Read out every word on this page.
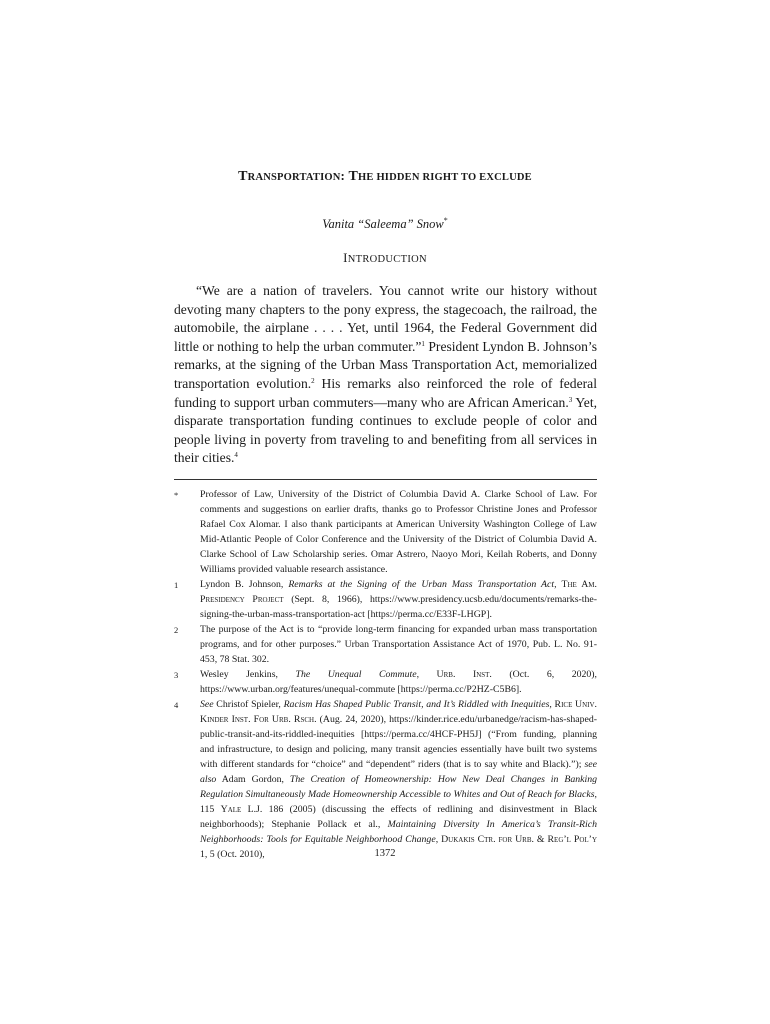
TRANSPORTATION: THE HIDDEN RIGHT TO EXCLUDE
Vanita “Saleema” Snow*
INTRODUCTION

“We are a nation of travelers. You cannot write our history without devoting many chapters to the pony express, the stagecoach, the railroad, the automobile, the airplane . . . . Yet, until 1964, the Federal Government did little or nothing to help the urban commuter.”$^1$ President Lyndon B. Johnson’s remarks, at the signing of the Urban Mass Transportation Act, memorialized transportation evolution.$^2$ His remarks also reinforced the role of federal funding to support urban commuters—many who are African American.$^3$ Yet, disparate transportation funding continues to exclude people of color and people living in poverty from traveling to and benefiting from all services in their cities.$^4$

*	Professor of Law, University of the District of Columbia David A. Clarke School of Law. For comments and suggestions on earlier drafts, thanks go to Professor Christine Jones and Professor Rafael Cox Alomar. I also thank participants at American University Washington College of Law Mid-Atlantic People of Color Conference and the University of the District of Columbia David A. Clarke School of Law Scholarship series. Omar Astrero, Naoyo Mori, Keilah Roberts, and Donny Williams provided valuable research assistance.
1	Lyndon B. Johnson, Remarks at the Signing of the Urban Mass Transportation Act, The Am. Presidency Project (Sept. 8, 1966), https://www.presidency.ucsb.edu/documents/remarks-the-signing-the-urban-mass-transportation-act [https://perma.cc/E33F-LHGP].
2	The purpose of the Act is to “provide long-term financing for expanded urban mass transportation programs, and for other purposes.” Urban Transportation Assistance Act of 1970, Pub. L. No. 91-453, 78 Stat. 302.
3	Wesley Jenkins, The Unequal Commute, Urb. Inst. (Oct. 6, 2020), https://www.urban.org/features/unequal-commute [https://perma.cc/P2HZ-C5B6].
4	See Christof Spieler, Racism Has Shaped Public Transit, and It’s Riddled with Inequities, Rice Univ. Kinder Inst. For Urb. Rsch. (Aug. 24, 2020), https://kinder.rice.edu/urbanedge/racism-has-shaped-public-transit-and-its-riddled-inequities [https://perma.cc/4HCF-PH5J] (“From funding, planning and infrastructure, to design and policing, many transit agencies essentially have built two systems with different standards for “choice” and “dependent” riders (that is to say white and Black).”); see also Adam Gordon, The Creation of Homeownership: How New Deal Changes in Banking Regulation Simultaneously Made Homeownership Accessible to Whites and Out of Reach for Blacks, 115 Yale L.J. 186 (2005) (discussing the effects of redlining and disinvestment in Black neighborhoods); Stephanie Pollack et al., Maintaining Diversity In America’s Transit-Rich Neighborhoods: Tools for Equitable Neighborhood Change, Dukakis Ctr. for Urb. & Reg’l Pol’y 1, 5 (Oct. 2010),	1372
